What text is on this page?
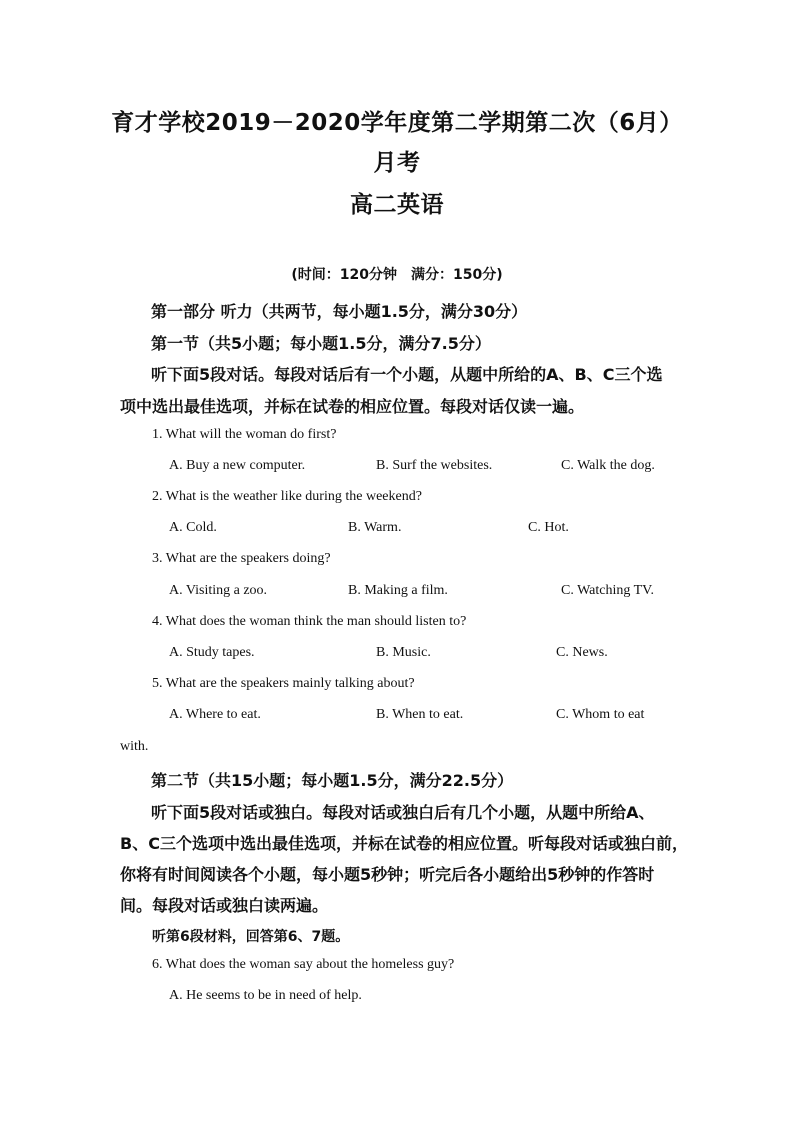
育才学校2019－2020学年度第二学期第二次（6月）
月考
高二英语
(时间：120分钟　满分：150分)
第一部分 听力（共两节，每小题1.5分，满分30分）
第一节（共5小题；每小题1.5分，满分7.5分）
听下面5段对话。每段对话后有一个小题，从题中所给的A、B、C三个选
项中选出最佳选项，并标在试卷的相应位置。每段对话仅读一遍。
1. What will the woman do first?
A. Buy a new computer.	B. Surf the websites.	C. Walk the dog.
2. What is the weather like during the weekend?
A. Cold.	B. Warm.	C. Hot.
3. What are the speakers doing?
A. Visiting a zoo.	B. Making a film.	C. Watching TV.
4. What does the woman think the man should listen to?
A. Study tapes.	B. Music.	C. News.
5. What are the speakers mainly talking about?
A. Where to eat.	B. When to eat.	C. Whom to eat
with.
第二节（共15小题；每小题1.5分，满分22.5分）
听下面5段对话或独白。每段对话或独白后有几个小题，从题中所给A、
B、C三个选项中选出最佳选项，并标在试卷的相应位置。听每段对话或独白前，
你将有时间阅读各个小题，每小题5秒钟；听完后各小题给出5秒钟的作答时
间。每段对话或独白读两遍。
听第6段材料，回答第6、7题。
6. What does the woman say about the homeless guy?
A. He seems to be in need of help.
